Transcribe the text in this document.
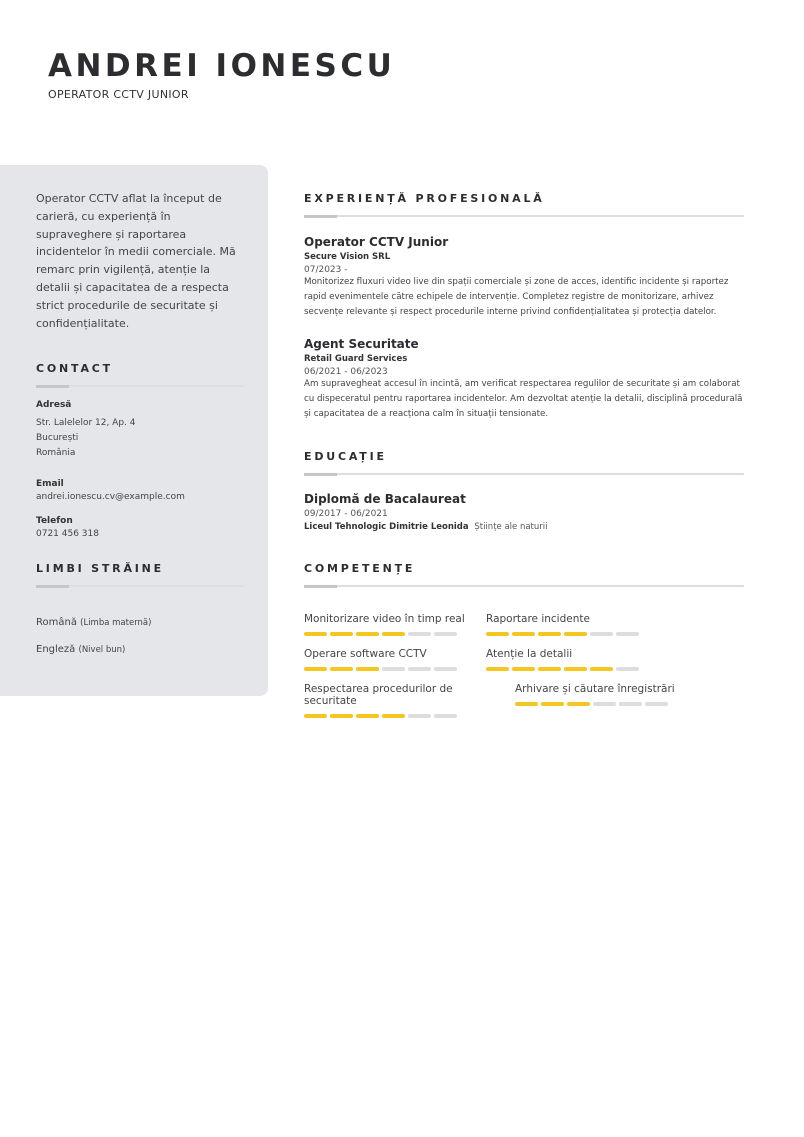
ANDREI IONESCU
OPERATOR CCTV JUNIOR

Operator CCTV aflat la început de carieră, cu experiență în supraveghere și raportarea incidentelor în medii comerciale. Mă remarc prin vigilență, atenție la detalii și capacitatea de a respecta strict procedurile de securitate și confidențialitate.

CONTACT
Adresă
Str. Lalelelor 12, Ap. 4
București
România
Email
andrei.ionescu.cv@example.com
Telefon
0721 456 318
LIMBI STRĂINE
Română (Limba maternă)
Engleză (Nivel bun)
EXPERIENȚĂ PROFESIONALĂ
Operator CCTV Junior
Secure Vision SRL
07/2023 -
Monitorizez fluxuri video live din spații comerciale și zone de acces, identific incidente și raportez rapid evenimentele către echipele de intervenție. Completez registre de monitorizare, arhivez secvențe relevante și respect procedurile interne privind confidențialitatea și protecția datelor.
Agent Securitate
Retail Guard Services
06/2021 - 06/2023
Am supravegheat accesul în incintă, am verificat respectarea regulilor de securitate și am colaborat cu dispeceratul pentru raportarea incidentelor. Am dezvoltat atenție la detalii, disciplină procedurală și capacitatea de a reacționa calm în situații tensionate.
EDUCAȚIE
Diplomă de Bacalaureat
09/2017 - 06/2021
Liceul Tehnologic Dimitrie Leonida Științe ale naturii
COMPETENȚE
Monitorizare video în timp real	Raportare incidente
Operare software CCTV	Atenție la detalii
Respectarea procedurilor de securitate
Arhivare și căutare înregistrări
